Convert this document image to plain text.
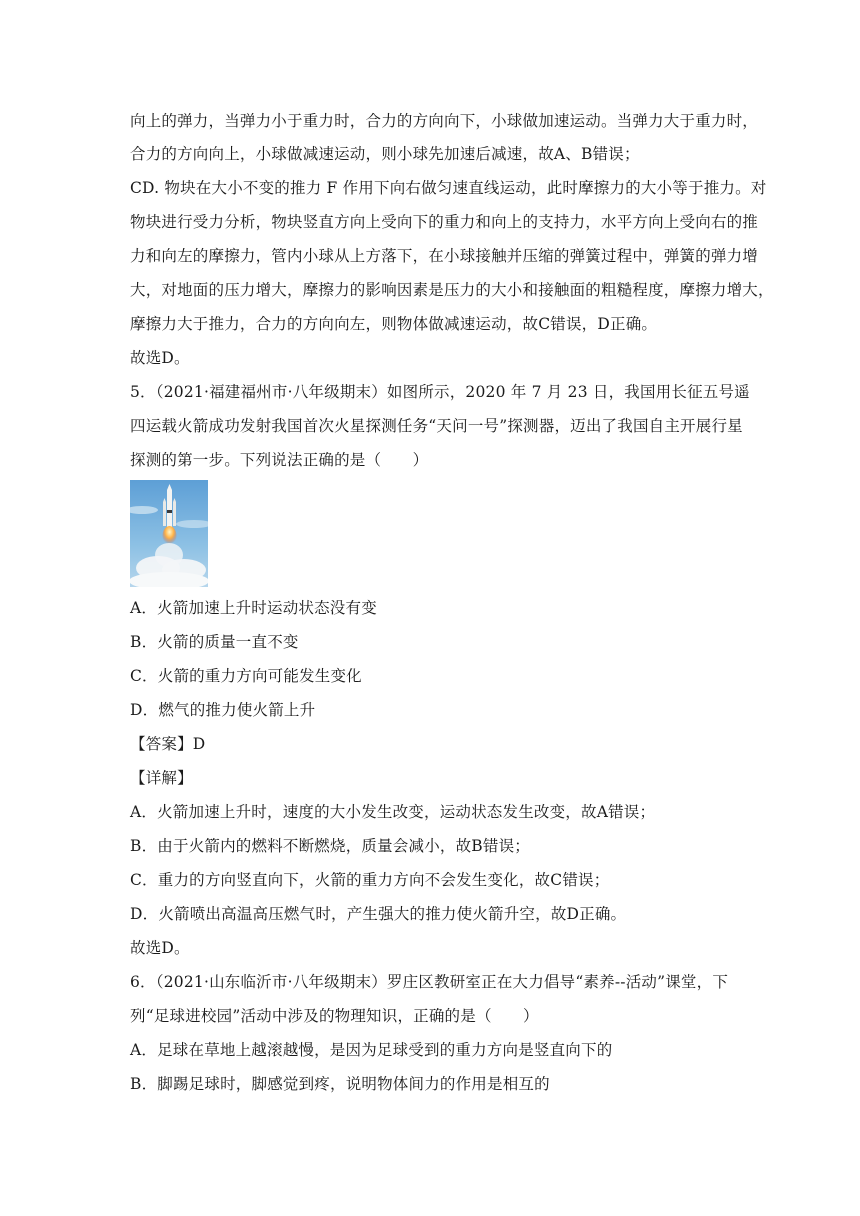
向上的弹力，当弹力小于重力时，合力的方向向下，小球做加速运动。当弹力大于重力时，
合力的方向向上，小球做减速运动，则小球先加速后减速，故A、B错误；
CD. 物块在大小不变的推力 F 作用下向右做匀速直线运动，此时摩擦力的大小等于推力。对
物块进行受力分析，物块竖直方向上受向下的重力和向上的支持力，水平方向上受向右的推
力和向左的摩擦力，管内小球从上方落下，在小球接触并压缩的弹簧过程中，弹簧的弹力增
大，对地面的压力增大，摩擦力的影响因素是压力的大小和接触面的粗糙程度，摩擦力增大，
摩擦力大于推力，合力的方向向左，则物体做减速运动，故C错误，D正确。
故选D。
5．（2021·福建福州市·八年级期末）如图所示，2020 年 7 月 23 日，我国用长征五号遥
四运载火箭成功发射我国首次火星探测任务“天问一号”探测器，迈出了我国自主开展行星
探测的第一步。下列说法正确的是（　　）
A．火箭加速上升时运动状态没有变
B．火箭的质量一直不变
C．火箭的重力方向可能发生变化
D．燃气的推力使火箭上升
【答案】D
【详解】
A．火箭加速上升时，速度的大小发生改变，运动状态发生改变，故A错误；
B．由于火箭内的燃料不断燃烧，质量会减小，故B错误；
C．重力的方向竖直向下，火箭的重力方向不会发生变化，故C错误；
D．火箭喷出高温高压燃气时，产生强大的推力使火箭升空，故D正确。
故选D。
6．（2021·山东临沂市·八年级期末）罗庄区教研室正在大力倡导“素养--活动”课堂，下
列“足球进校园”活动中涉及的物理知识，正确的是（　　）
A．足球在草地上越滚越慢，是因为足球受到的重力方向是竖直向下的
B．脚踢足球时，脚感觉到疼，说明物体间力的作用是相互的
